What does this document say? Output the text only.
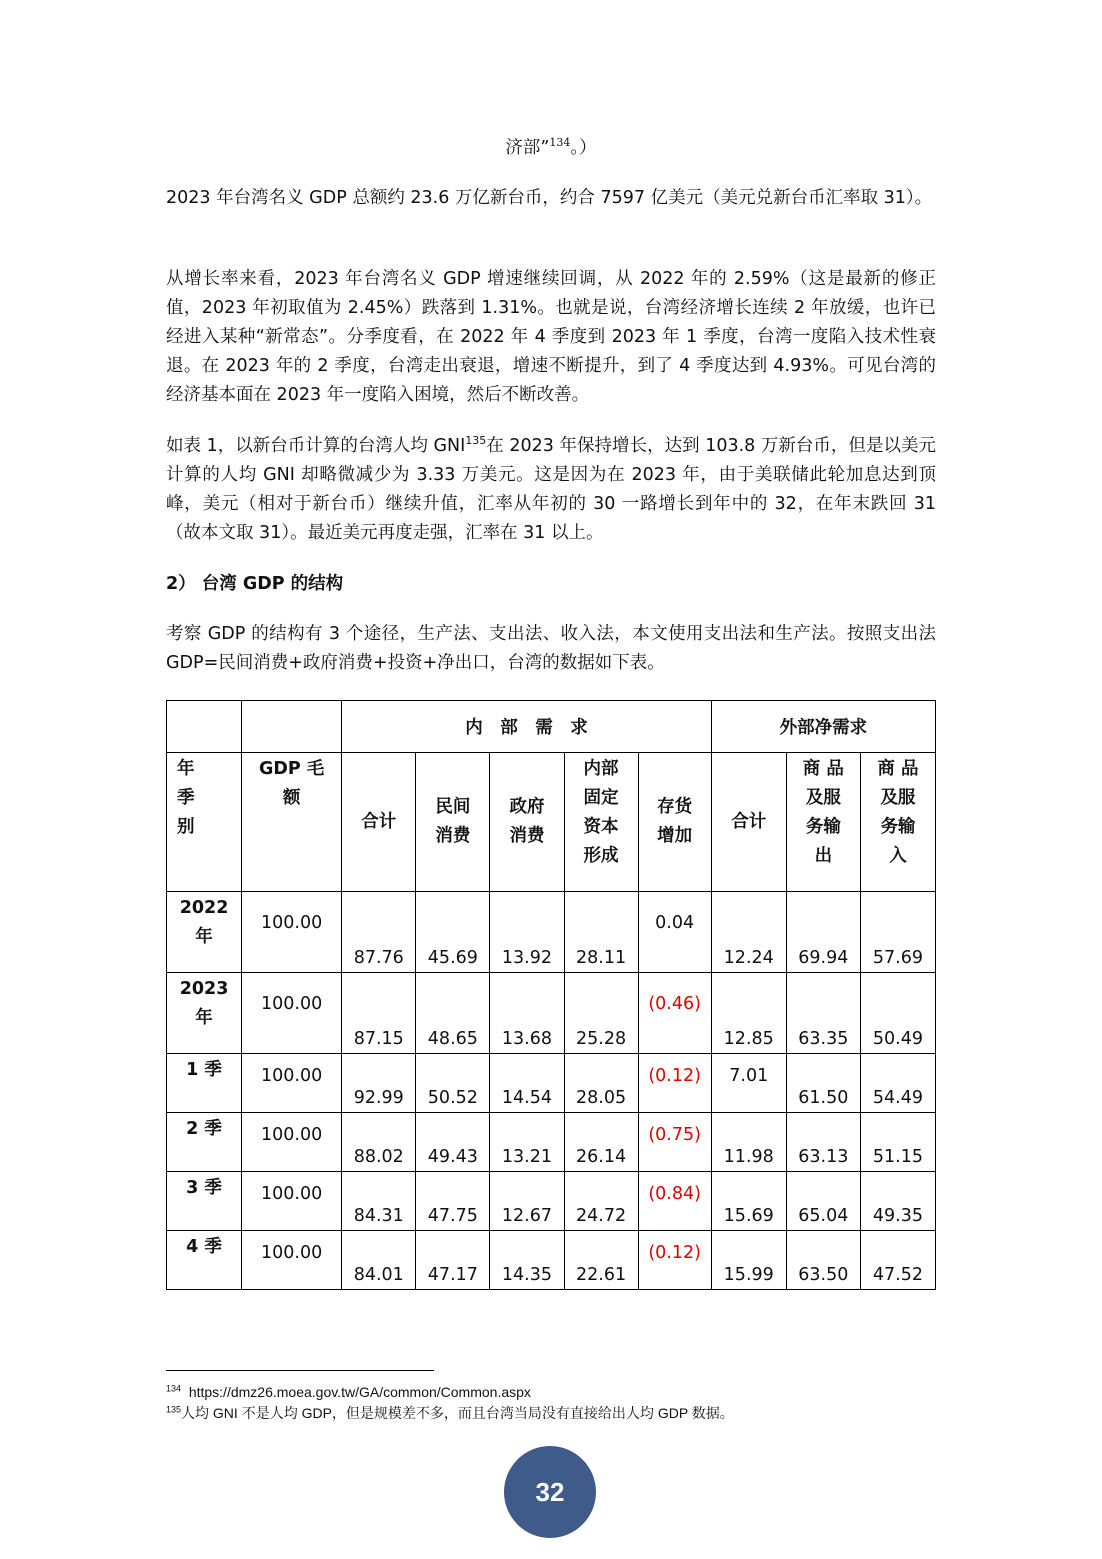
济部”$^{134}$。）
2023 年台湾名义 GDP 总额约 23.6 万亿新台币，约合 7597 亿美元（美元兑新台币汇率取 31）。
从增长率来看，2023 年台湾名义 GDP 增速继续回调，从 2022 年的 2.59%（这是最新的修正值，2023 年初取值为 2.45%）跌落到 1.31%。也就是说，台湾经济增长连续 2 年放缓，也许已经进入某种“新常态”。分季度看，在 2022 年 4 季度到 2023 年 1 季度，台湾一度陷入技术性衰退。在 2023 年的 2 季度，台湾走出衰退，增速不断提升，到了 4 季度达到 4.93%。可见台湾的经济基本面在 2023 年一度陷入困境，然后不断改善。
如表 1，以新台币计算的台湾人均 GNI$^{135}$在 2023 年保持增长，达到 103.8 万新台币，但是以美元计算的人均 GNI 却略微减少为 3.33 万美元。这是因为在 2023 年，由于美联储此轮加息达到顶峰，美元（相对于新台币）继续升值，汇率从年初的 30 一路增长到年中的 32，在年末跌回 31（故本文取 31）。最近美元再度走强，汇率在 31 以上。
2） 台湾 GDP 的结构
考察 GDP 的结构有 3 个途径，生产法、支出法、收入法，本文使用支出法和生产法。按照支出法 GDP=民间消费+政府消费+投资+净出口，台湾的数据如下表。
		内　部　需　求					外部净需求		
年
季
别	GDP 毛
额	合计	民间
消费	政府
消费	内部
固定
资本
形成	存货
增加	合计	商 品
及服
务输
出	商 品
及服
务输
入
2022
年	100.00	87.76	45.69	13.92	28.11	0.04	12.24	69.94	57.69
2023
年	100.00	87.15	48.65	13.68	25.28	(0.46)	12.85	63.35	50.49
1 季	100.00	92.99	50.52	14.54	28.05	(0.12)	7.01	61.50	54.49
2 季	100.00	88.02	49.43	13.21	26.14	(0.75)	11.98	63.13	51.15
3 季	100.00	84.31	47.75	12.67	24.72	(0.84)	15.69	65.04	49.35
4 季	100.00	84.01	47.17	14.35	22.61	(0.12)	15.99	63.50	47.52
$^{134}$ https://dmz26.moea.gov.tw/GA/common/Common.aspx
$^{135}$人均 GNI 不是人均 GDP，但是规模差不多，而且台湾当局没有直接给出人均 GDP 数据。
32
